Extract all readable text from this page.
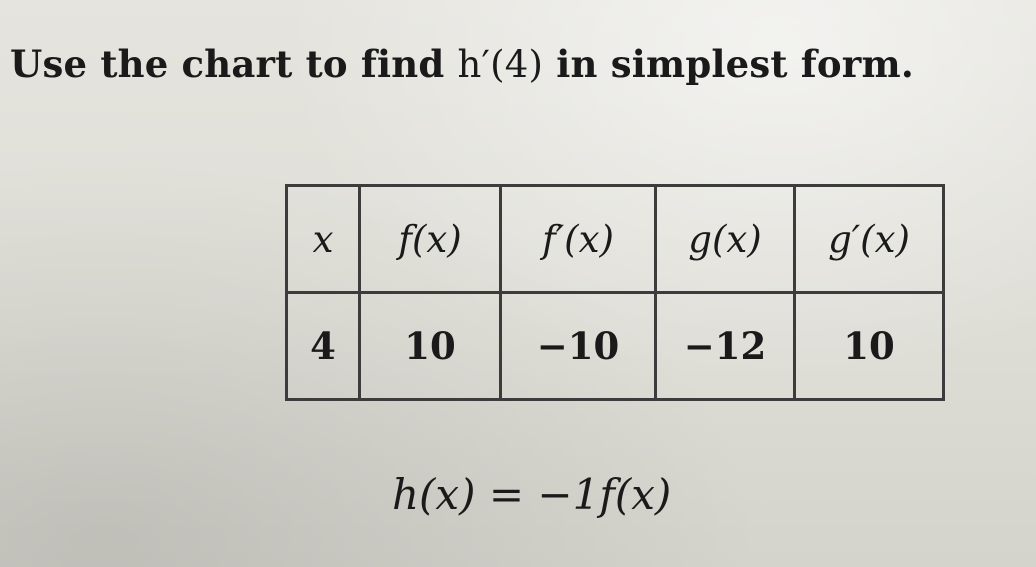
Use the chart to find h′(4) in simplest form.
x	f(x)	f′(x)	g(x)	g′(x)
4	10	−10	−12	10
h(x) = −1f(x)
